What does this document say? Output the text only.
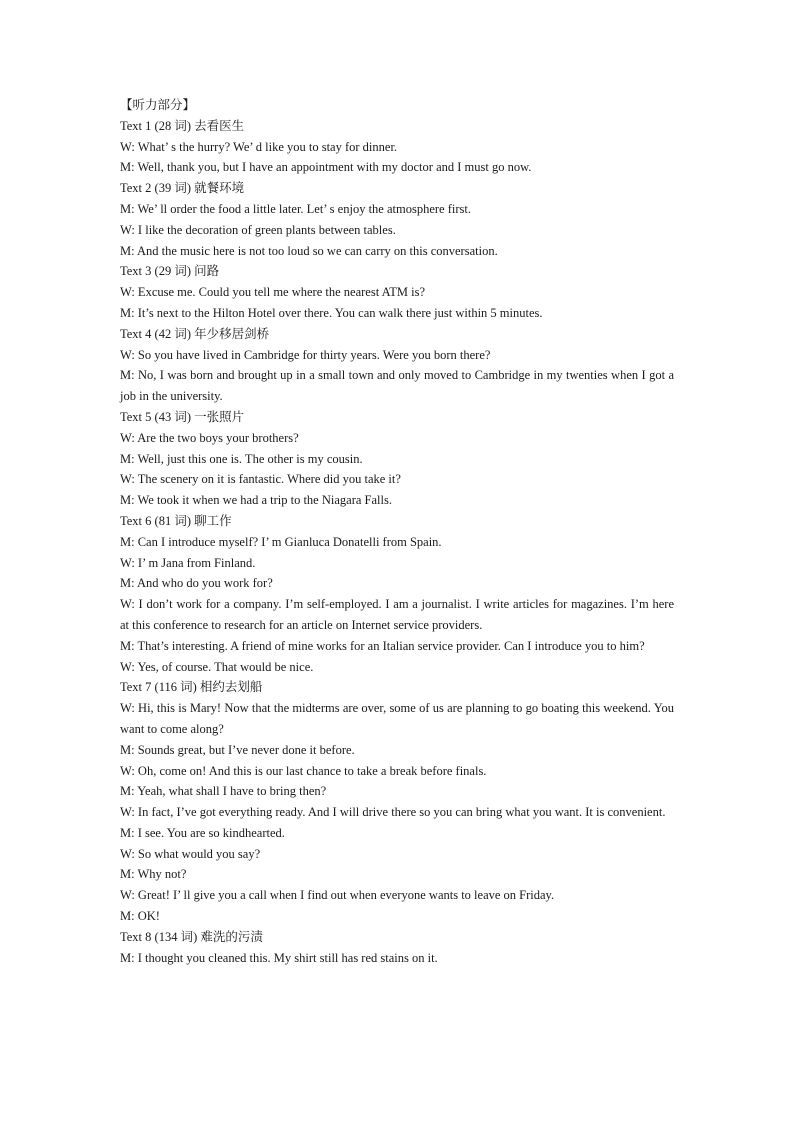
【听力部分】

Text 1 (28 词) 去看医生

W: What’ s the hurry? We’ d like you to stay for dinner.

M: Well, thank you, but I have an appointment with my doctor and I must go now.

Text 2 (39 词) 就餐环境

M: We’ ll order the food a little later. Let’ s enjoy the atmosphere first.

W: I like the decoration of green plants between tables.

M: And the music here is not too loud so we can carry on this conversation.

Text 3 (29 词) 问路

W: Excuse me. Could you tell me where the nearest ATM is?

M: It’s next to the Hilton Hotel over there. You can walk there just within 5 minutes.

Text 4 (42 词) 年少移居剑桥

W: So you have lived in Cambridge for thirty years. Were you born there?

M: No, I was born and brought up in a small town and only moved to Cambridge in my twenties when I got a job in the university.

Text 5 (43 词) 一张照片

W: Are the two boys your brothers?

M: Well, just this one is. The other is my cousin.

W: The scenery on it is fantastic. Where did you take it?

M: We took it when we had a trip to the Niagara Falls.

Text 6 (81 词) 聊工作

M: Can I introduce myself? I’ m Gianluca Donatelli from Spain.

W: I’ m Jana from Finland.

M: And who do you work for?

W: I don’t work for a company. I’m self-employed. I am a journalist. I write articles for magazines. I’m here at this conference to research for an article on Internet service providers.

M: That’s interesting. A friend of mine works for an Italian service provider. Can I introduce you to him?

W: Yes, of course. That would be nice.

Text 7 (116 词) 相约去划船

W: Hi, this is Mary! Now that the midterms are over, some of us are planning to go boating this weekend. You want to come along?

M: Sounds great, but I’ve never done it before.

W: Oh, come on! And this is our last chance to take a break before finals.

M: Yeah, what shall I have to bring then?

W: In fact, I’ve got everything ready. And I will drive there so you can bring what you want. It is convenient.

M: I see. You are so kindhearted.

W: So what would you say?

M: Why not?

W: Great! I’ ll give you a call when I find out when everyone wants to leave on Friday.

M: OK!

Text 8 (134 词) 难洗的污渍

M: I thought you cleaned this. My shirt still has red stains on it.
